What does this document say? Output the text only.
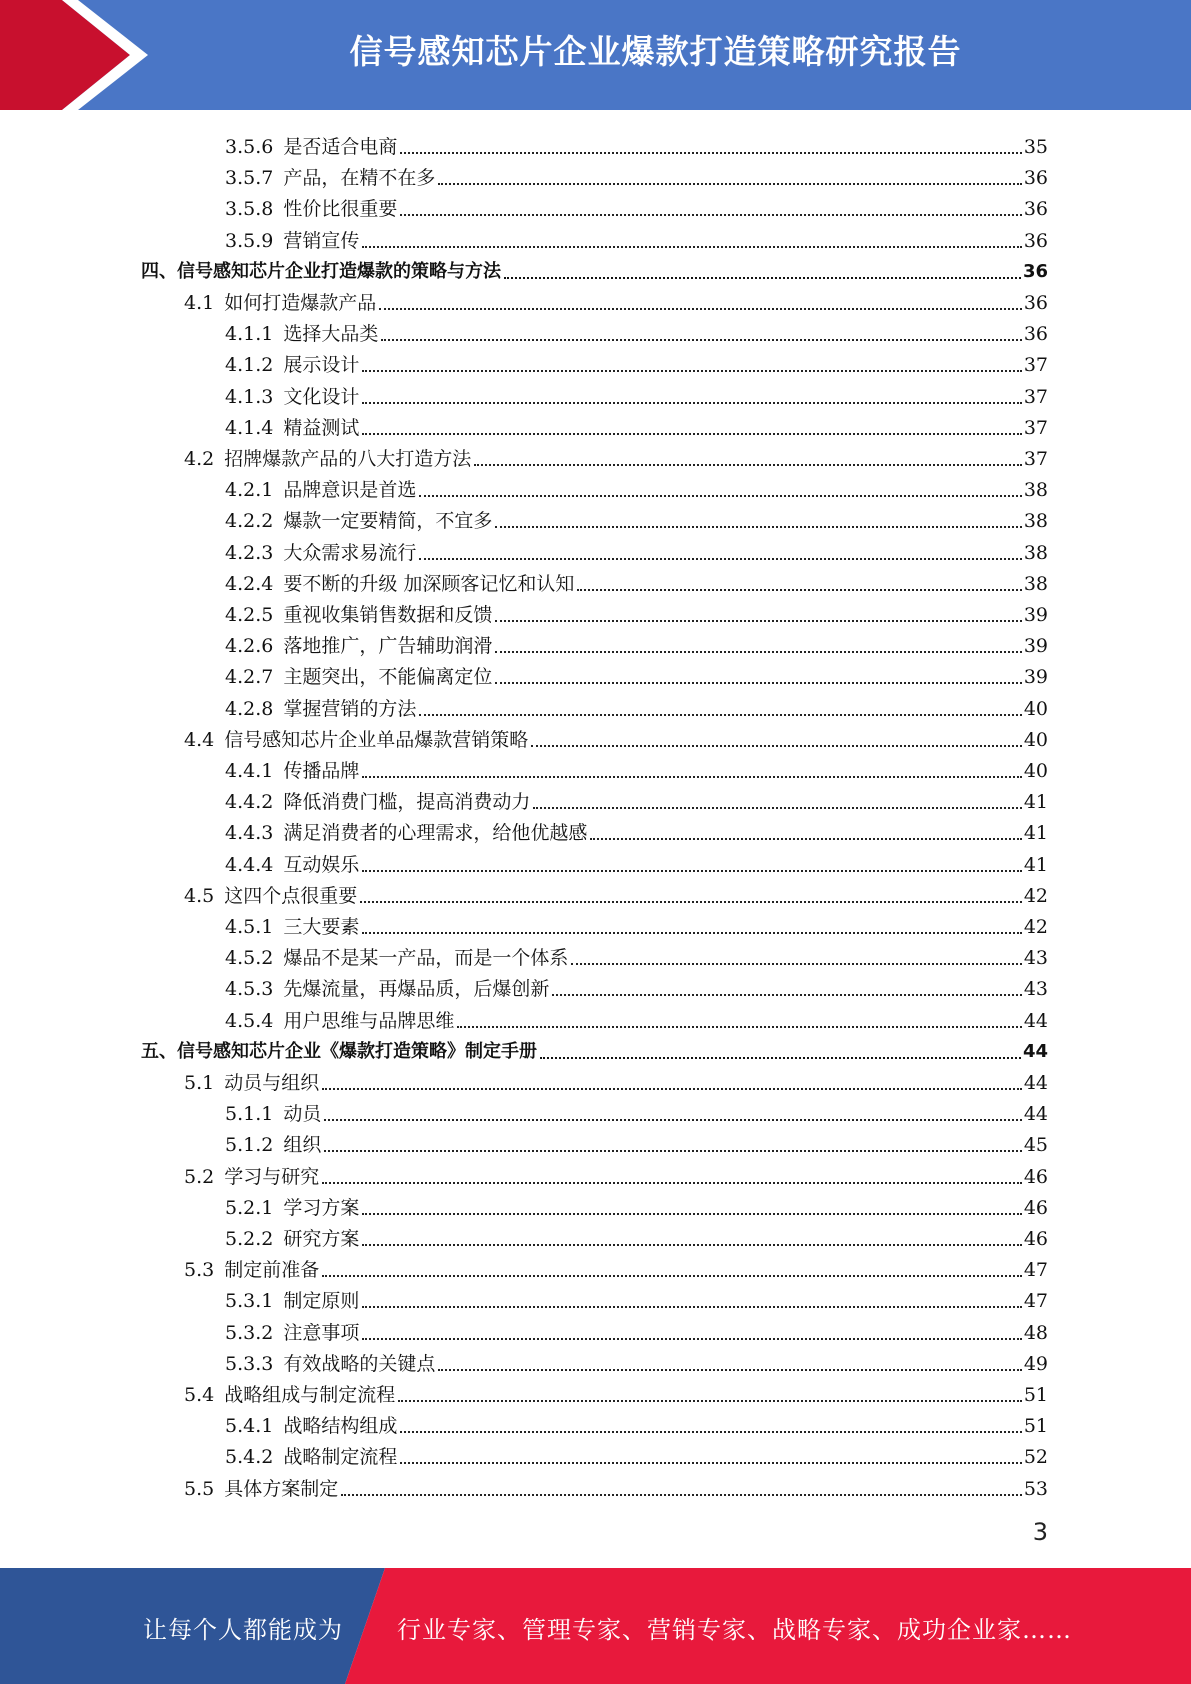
信号感知芯片企业爆款打造策略研究报告
3.5.6 是否适合电商	35
3.5.7 产品，在精不在多	36
3.5.8 性价比很重要	36
3.5.9 营销宣传	36
四、信号感知芯片企业打造爆款的策略与方法	36
4.1 如何打造爆款产品	36
4.1.1 选择大品类	36
4.1.2 展示设计	37
4.1.3 文化设计	37
4.1.4 精益测试	37
4.2 招牌爆款产品的八大打造方法	37
4.2.1 品牌意识是首选	38
4.2.2 爆款一定要精简，不宜多	38
4.2.3 大众需求易流行	38
4.2.4 要不断的升级 加深顾客记忆和认知	38
4.2.5 重视收集销售数据和反馈	39
4.2.6 落地推广，广告辅助润滑	39
4.2.7 主题突出，不能偏离定位	39
4.2.8 掌握营销的方法	40
4.4 信号感知芯片企业单品爆款营销策略	40
4.4.1 传播品牌	40
4.4.2 降低消费门槛，提高消费动力	41
4.4.3 满足消费者的心理需求，给他优越感	41
4.4.4 互动娱乐	41
4.5 这四个点很重要	42
4.5.1 三大要素	42
4.5.2 爆品不是某一产品，而是一个体系	43
4.5.3 先爆流量，再爆品质，后爆创新	43
4.5.4 用户思维与品牌思维	44
五、信号感知芯片企业《爆款打造策略》制定手册	44
5.1 动员与组织	44
5.1.1 动员	44
5.1.2 组织	45
5.2 学习与研究	46
5.2.1 学习方案	46
5.2.2 研究方案	46
5.3 制定前准备	47
5.3.1 制定原则	47
5.3.2 注意事项	48
5.3.3 有效战略的关键点	49
5.4 战略组成与制定流程	51
5.4.1 战略结构组成	51
5.4.2 战略制定流程	52
5.5 具体方案制定	53
3
让每个人都能成为 行业专家、管理专家、营销专家、战略专家、成功企业家……
